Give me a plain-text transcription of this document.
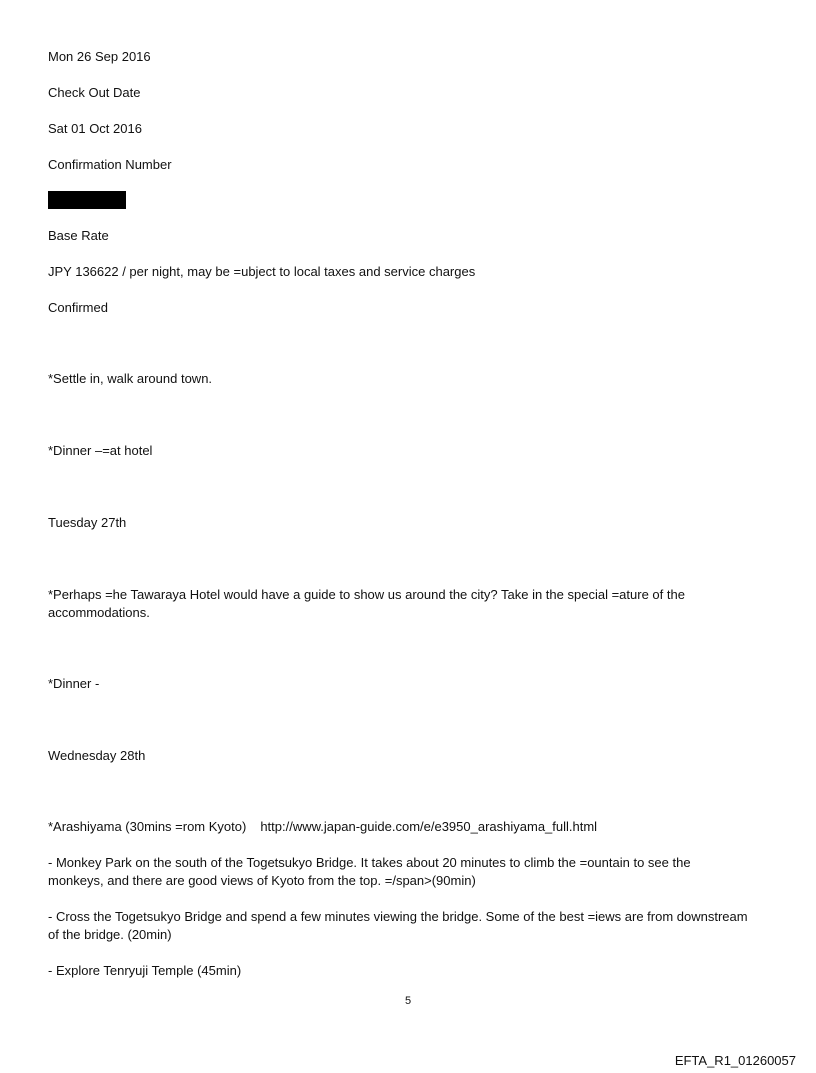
Mon 26 Sep 2016
Check Out Date
Sat 01 Oct 2016
Confirmation Number
Base Rate
JPY 136622 / per night, may be =ubject to local taxes and service charges
Confirmed
*Settle in, walk around town.
*Dinner –=at hotel
Tuesday 27th
*Perhaps =he Tawaraya Hotel would have a guide to show us around the city? Take in the special =ature of the accommodations.
*Dinner -
Wednesday 28th
*Arashiyama (30mins =rom Kyoto) http://www.japan-guide.com/e/e3950_arashiyama_full.html
- Monkey Park on the south of the Togetsukyo Bridge. It takes about 20 minutes to climb the =ountain to see the monkeys, and there are good views of Kyoto from the top. =/span>(90min)
- Cross the Togetsukyo Bridge and spend a few minutes viewing the bridge. Some of the best =iews are from downstream of the bridge. (20min)
- Explore Tenryuji Temple (45min)
5
EFTA_R1_01260057
